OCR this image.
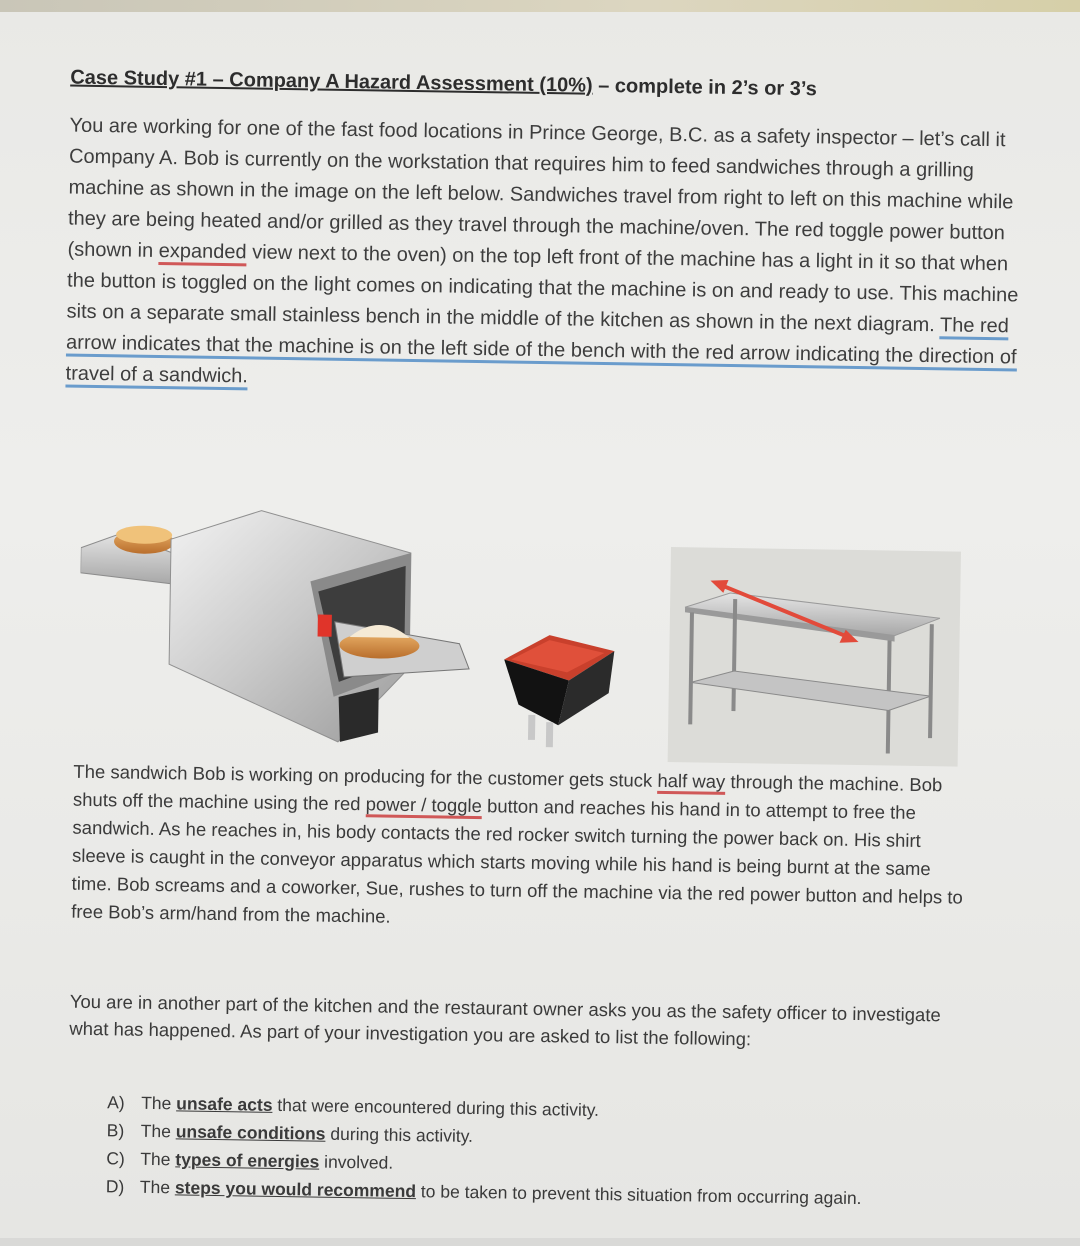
Case Study #1 – Company A Hazard Assessment (10%) – complete in 2’s or 3’s
You are working for one of the fast food locations in Prince George, B.C. as a safety inspector – let’s call it Company A. Bob is currently on the workstation that requires him to feed sandwiches through a grilling machine as shown in the image on the left below. Sandwiches travel from right to left on this machine while they are being heated and/or grilled as they travel through the machine/oven. The red toggle power button (shown in expanded view next to the oven) on the top left front of the machine has a light in it so that when the button is toggled on the light comes on indicating that the machine is on and ready to use. This machine sits on a separate small stainless bench in the middle of the kitchen as shown in the next diagram. The red arrow indicates that the machine is on the left side of the bench with the red arrow indicating the direction of travel of a sandwich.
The sandwich Bob is working on producing for the customer gets stuck half way through the machine. Bob shuts off the machine using the red power / toggle button and reaches his hand in to attempt to free the sandwich. As he reaches in, his body contacts the red rocker switch turning the power back on. His shirt sleeve is caught in the conveyor apparatus which starts moving while his hand is being burnt at the same time. Bob screams and a coworker, Sue, rushes to turn off the machine via the red power button and helps to free Bob’s arm/hand from the machine.
You are in another part of the kitchen and the restaurant owner asks you as the safety officer to investigate what has happened. As part of your investigation you are asked to list the following:
A) The unsafe acts that were encountered during this activity.
B) The unsafe conditions during this activity.
C) The types of energies involved.
D) The steps you would recommend to be taken to prevent this situation from occurring again.
